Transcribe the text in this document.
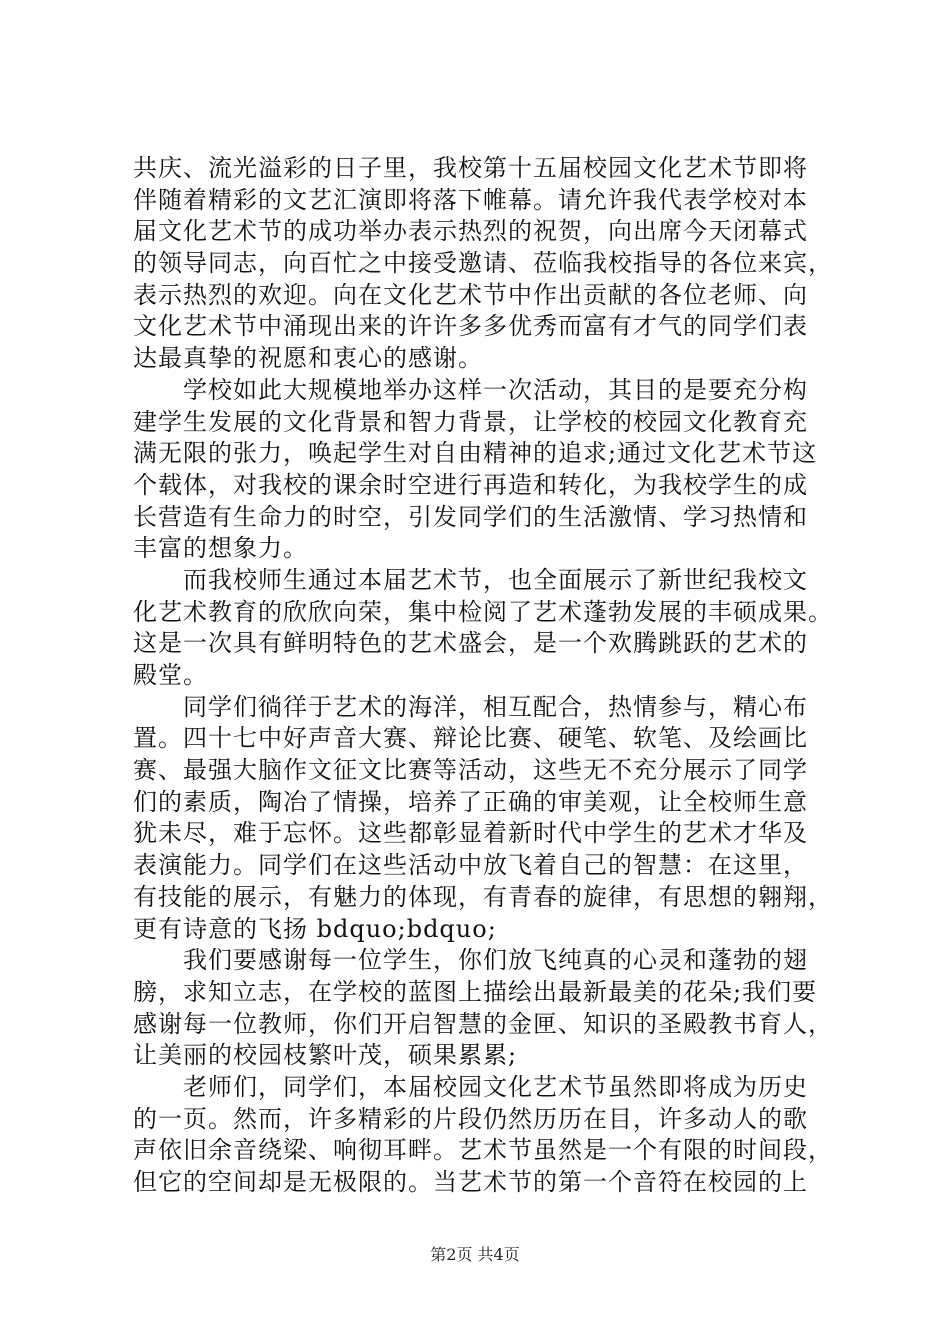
共庆、流光溢彩的日子里，我校第十五届校园文化艺术节即将
伴随着精彩的文艺汇演即将落下帷幕。请允许我代表学校对本
届文化艺术节的成功举办表示热烈的祝贺，向出席今天闭幕式
的领导同志，向百忙之中接受邀请、莅临我校指导的各位来宾，
表示热烈的欢迎。向在文化艺术节中作出贡献的各位老师、向
文化艺术节中涌现出来的许许多多优秀而富有才气的同学们表
达最真挚的祝愿和衷心的感谢。
　　学校如此大规模地举办这样一次活动，其目的是要充分构
建学生发展的文化背景和智力背景，让学校的校园文化教育充
满无限的张力，唤起学生对自由精神的追求;通过文化艺术节这
个载体，对我校的课余时空进行再造和转化，为我校学生的成
长营造有生命力的时空，引发同学们的生活激情、学习热情和
丰富的想象力。
　　而我校师生通过本届艺术节，也全面展示了新世纪我校文
化艺术教育的欣欣向荣，集中检阅了艺术蓬勃发展的丰硕成果。
这是一次具有鲜明特色的艺术盛会，是一个欢腾跳跃的艺术的
殿堂。
　　同学们徜徉于艺术的海洋，相互配合，热情参与，精心布
置。四十七中好声音大赛、辩论比赛、硬笔、软笔、及绘画比
赛、最强大脑作文征文比赛等活动，这些无不充分展示了同学
们的素质，陶冶了情操，培养了正确的审美观，让全校师生意
犹未尽，难于忘怀。这些都彰显着新时代中学生的艺术才华及
表演能力。同学们在这些活动中放飞着自己的智慧：在这里，
有技能的展示，有魅力的体现，有青春的旋律，有思想的翱翔，
更有诗意的飞扬 bdquo;bdquo;
　　我们要感谢每一位学生，你们放飞纯真的心灵和蓬勃的翅
膀，求知立志，在学校的蓝图上描绘出最新最美的花朵;我们要
感谢每一位教师，你们开启智慧的金匣、知识的圣殿教书育人，
让美丽的校园枝繁叶茂，硕果累累;
　　老师们，同学们，本届校园文化艺术节虽然即将成为历史
的一页。然而，许多精彩的片段仍然历历在目，许多动人的歌
声依旧余音绕梁、响彻耳畔。艺术节虽然是一个有限的时间段，
但它的空间却是无极限的。当艺术节的第一个音符在校园的上
第2页 共4页
